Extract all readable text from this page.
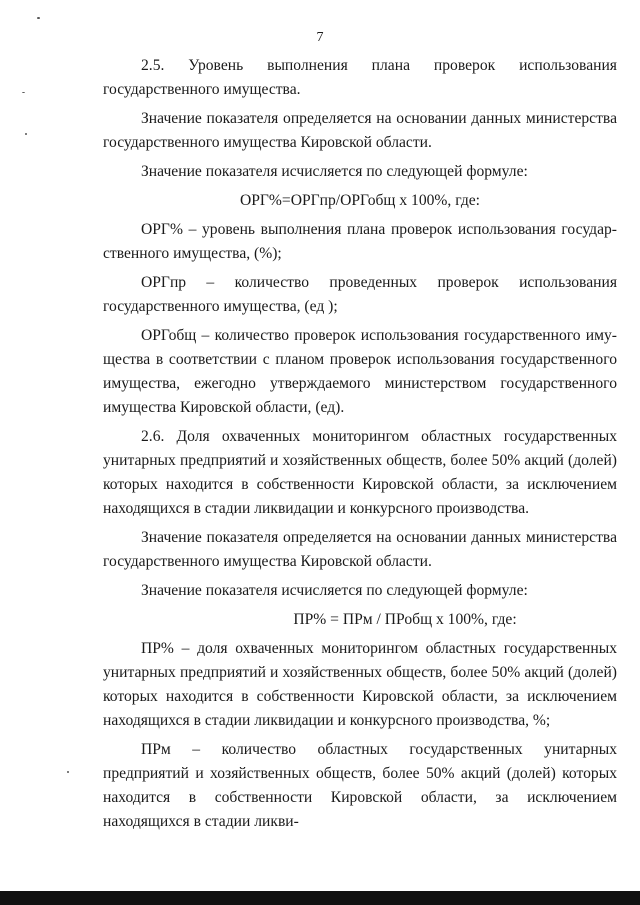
7

2.5. Уровень выполнения плана проверок использования государственного имущества.

Значение показателя определяется на основании данных министерства государственного имущества Кировской области.

Значение показателя исчисляется по следующей формуле:

ОРГ%=ОРГпр/ОРГобщ х 100%, где:

ОРГ% – уровень выполнения плана проверок использования государственного имущества, (%);

ОРГпр – количество проведенных проверок использования государственного имущества, (ед );

ОРГобщ – количество проверок использования государственного имущества в соответствии с планом проверок использования государственного имущества, ежегодно утверждаемого министерством государственного имущества Кировской области, (ед).

2.6. Доля охваченных мониторингом областных государственных унитарных предприятий и хозяйственных обществ, более 50% акций (долей) которых находится в собственности Кировской области, за исключением находящихся в стадии ликвидации и конкурсного производства.

Значение показателя определяется на основании данных министерства государственного имущества Кировской области.

Значение показателя исчисляется по следующей формуле:

ПР% = ПРм / ПРобщ х 100%, где:

ПР% – доля охваченных мониторингом областных государственных унитарных предприятий и хозяйственных обществ, более 50% акций (долей) которых находится в собственности Кировской области, за исключением находящихся в стадии ликвидации и конкурсного производства, %;

ПРм – количество областных государственных унитарных предприятий и хозяйственных обществ, более 50% акций (долей) которых находится в собственности Кировской области, за исключением находящихся в стадии ликви-
